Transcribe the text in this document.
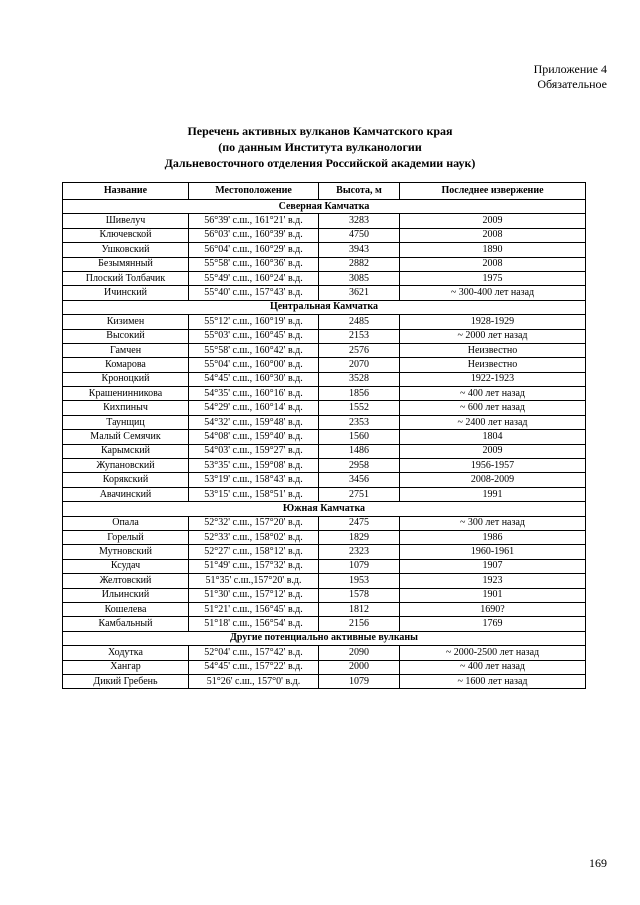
Приложение 4
Обязательное
Перечень активных вулканов Камчатского края
(по данным Института вулканологии
Дальневосточного отделения Российской академии наук)
Название	Местоположение	Высота, м	Последнее извержение
Северная Камчатка			
Шивелуч	56°39' с.ш., 161°21' в.д.	3283	2009
Ключевской	56°03' с.ш., 160°39' в.д.	4750	2008
Ушковский	56°04' с.ш., 160°29' в.д.	3943	1890
Безымянный	55°58' с.ш., 160°36' в.д.	2882	2008
Плоский Толбачик	55°49' с.ш., 160°24' в.д.	3085	1975
Ичинский	55°40' с.ш., 157°43' в.д.	3621	~ 300-400 лет назад
Центральная Камчатка			
Кизимен	55°12' с.ш., 160°19' в.д.	2485	1928-1929
Высокий	55°03' с.ш., 160°45' в.д.	2153	~ 2000 лет назад
Гамчен	55°58' с.ш., 160°42' в.д.	2576	Неизвестно
Комарова	55°04' с.ш., 160°00' в.д.	2070	Неизвестно
Кроноцкий	54°45' с.ш., 160°30' в.д.	3528	1922-1923
Крашенинникова	54°35' с.ш., 160°16' в.д.	1856	~ 400 лет назад
Кихпиныч	54°29' с.ш., 160°14' в.д.	1552	~ 600 лет назад
Таунщиц	54°32' с.ш., 159°48' в.д.	2353	~ 2400 лет назад
Малый Семячик	54°08' с.ш., 159°40' в.д.	1560	1804
Карымский	54°03' с.ш., 159°27' в.д.	1486	2009
Жупановский	53°35' с.ш., 159°08' в.д.	2958	1956-1957
Корякский	53°19' с.ш., 158°43' в.д.	3456	2008-2009
Авачинский	53°15' с.ш., 158°51' в.д.	2751	1991
Южная Камчатка			
Опала	52°32' с.ш., 157°20' в.д.	2475	~ 300 лет назад
Горелый	52°33' с.ш., 158°02' в.д.	1829	1986
Мутновский	52°27' с.ш., 158°12' в.д.	2323	1960-1961
Ксудач	51°49' с.ш., 157°32' в.д.	1079	1907
Желтовский	51°35' с.ш.,157°20' в.д.	1953	1923
Ильинский	51°30' с.ш., 157°12' в.д.	1578	1901
Кошелева	51°21' с.ш., 156°45' в.д.	1812	1690?
Камбальный	51°18' с.ш., 156°54' в.д.	2156	1769
Другие потенциально активные вулканы			
Ходутка	52°04' с.ш., 157°42' в.д.	2090	~ 2000-2500 лет назад
Хангар	54°45' с.ш., 157°22' в.д.	2000	~ 400 лет назад
Дикий Гребень	51°26' с.ш., 157°0' в.д.	1079	~ 1600 лет назад
169
